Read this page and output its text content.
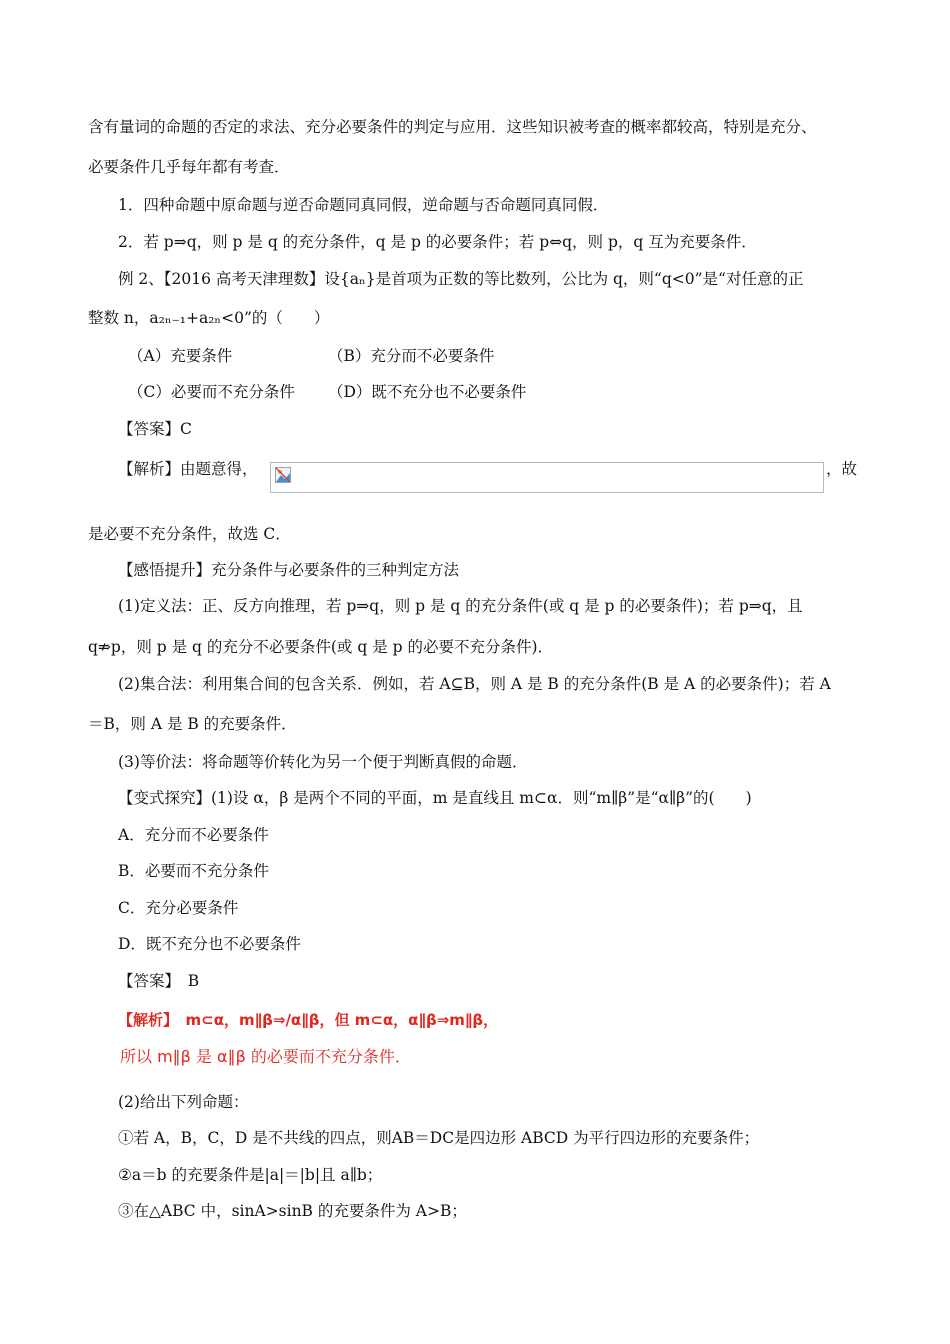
含有量词的命题的否定的求法、充分必要条件的判定与应用．这些知识被考查的概率都较高，特别是充分、
必要条件几乎每年都有考查．
1．四种命题中原命题与逆否命题同真同假，逆命题与否命题同真同假．
2．若 p⇒q，则 p 是 q 的充分条件，q 是 p 的必要条件；若 p⇔q，则 p，q 互为充要条件．
例 2、【2016 高考天津理数】设{aₙ}是首项为正数的等比数列，公比为 q，则“q<0”是“对任意的正
整数 n，a₂ₙ₋₁+a₂ₙ<0”的（　　）
（A）充要条件	（B）充分而不必要条件
（C）必要而不充分条件 （D）既不充分也不必要条件
【答案】C
【解析】由题意得，	，故
是必要不充分条件，故选 C．
【感悟提升】充分条件与必要条件的三种判定方法
(1)定义法：正、反方向推理，若 p⇒q，则 p 是 q 的充分条件(或 q 是 p 的必要条件)；若 p⇒q，且
q⇏p，则 p 是 q 的充分不必要条件(或 q 是 p 的必要不充分条件)．
(2)集合法：利用集合间的包含关系．例如，若 A⊆B，则 A 是 B 的充分条件(B 是 A 的必要条件)；若 A
＝B，则 A 是 B 的充要条件．
(3)等价法：将命题等价转化为另一个便于判断真假的命题．
【变式探究】(1)设 α，β 是两个不同的平面，m 是直线且 m⊂α．则“m∥β”是“α∥β”的(　　)
A．充分而不必要条件
B．必要而不充分条件
C．充分必要条件
D．既不充分也不必要条件
【答案】　B
【解析】　m⊂α，m∥β⇒/α∥β，但 m⊂α，α∥β⇒m∥β，
所以 m∥β 是 α∥β 的必要而不充分条件．
(2)给出下列命题：
①若 A，B，C，D 是不共线的四点，则AB＝DC是四边形 ABCD 为平行四边形的充要条件；
②a＝b 的充要条件是|a|＝|b|且 a∥b；
③在△ABC 中，sinA>sinB 的充要条件为 A>B；
